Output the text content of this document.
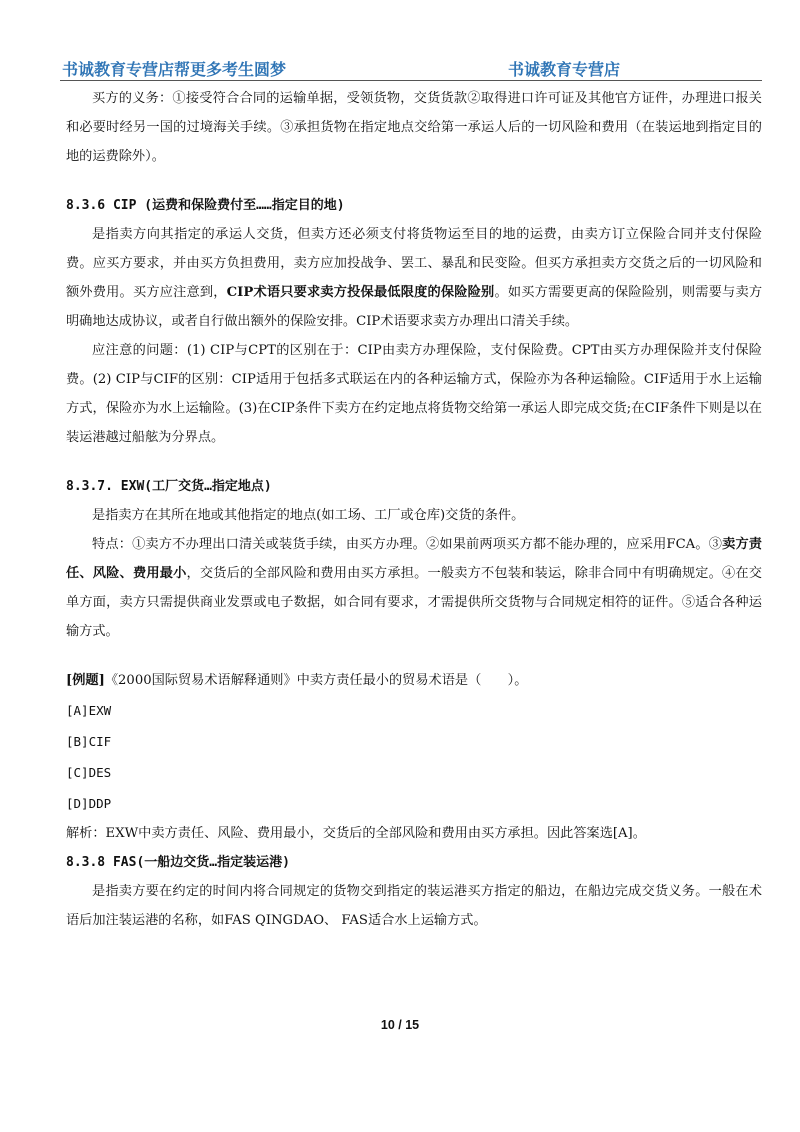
书诚教育专营店帮更多考生圆梦	书诚教育专营店

买方的义务：①接受符合合同的运输单据，受领货物，交货货款②取得进口许可证及其他官方证件，办理进口报关和必要时经另一国的过境海关手续。③承担货物在指定地点交给第一承运人后的一切风险和费用（在装运地到指定目的地的运费除外）。

8.3.6 CIP (运费和保险费付至……指定目的地)

是指卖方向其指定的承运人交货，但卖方还必须支付将货物运至目的地的运费，由卖方订立保险合同并支付保险费。应买方要求，并由买方负担费用，卖方应加投战争、罢工、暴乱和民变险。但买方承担卖方交货之后的一切风险和额外费用。买方应注意到，CIP术语只要求卖方投保最低限度的保险险别。如买方需要更高的保险险别，则需要与卖方明确地达成协议，或者自行做出额外的保险安排。CIP术语要求卖方办理出口清关手续。

应注意的问题：(1) CIP与CPT的区别在于：CIP由卖方办理保险，支付保险费。CPT由买方办理保险并支付保险费。(2) CIP与CIF的区别：CIP适用于包括多式联运在内的各种运输方式，保险亦为各种运输险。CIF适用于水上运输方式，保险亦为水上运输险。(3)在CIP条件下卖方在约定地点将货物交给第一承运人即完成交货;在CIF条件下则是以在装运港越过船舷为分界点。

8.3.7. EXW(工厂交货…指定地点)

是指卖方在其所在地或其他指定的地点(如工场、工厂或仓库)交货的条件。

特点：①卖方不办理出口清关或装货手续，由买方办理。②如果前两项买方都不能办理的，应采用FCA。③卖方责任、风险、费用最小，交货后的全部风险和费用由买方承担。一般卖方不包装和装运，除非合同中有明确规定。④在交单方面，卖方只需提供商业发票或电子数据，如合同有要求，才需提供所交货物与合同规定相符的证件。⑤适合各种运输方式。

[例题]《2000国际贸易术语解释通则》中卖方责任最小的贸易术语是（　　）。

[A]EXW

[B]CIF

[C]DES

[D]DDP

解析：EXW中卖方责任、风险、费用最小，交货后的全部风险和费用由买方承担。因此答案选[A]。

8.3.8 FAS(一船边交货…指定装运港)

是指卖方要在约定的时间内将合同规定的货物交到指定的装运港买方指定的船边，在船边完成交货义务。一般在术语后加注装运港的名称，如FAS QINGDAO、 FAS适合水上运输方式。

10 / 15
